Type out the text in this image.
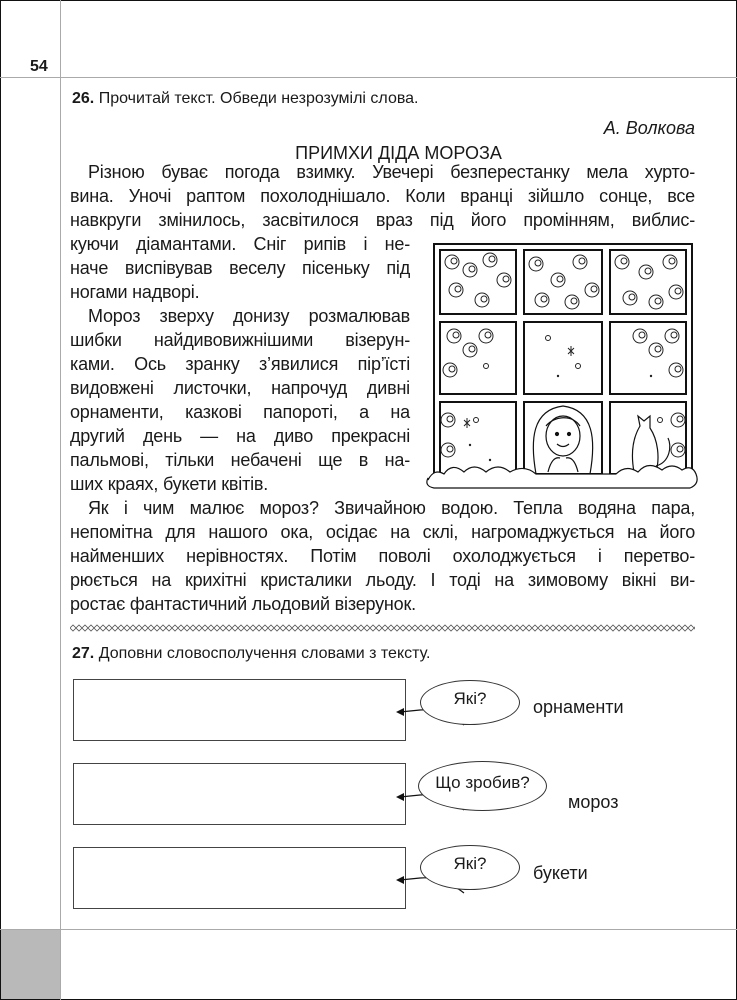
54
26. Прочитай текст. Обведи незрозумілі слова.
А. Волкова
ПРИМХИ ДІДА МОРОЗА
Різною буває погода взимку. Увечері безперестанку мела хурто-
вина. Уночі раптом похолоднішало. Коли вранці зійшло сонце, все
навкруги змінилось, засвітилося враз під його промінням, виблис-
куючи діамантами. Сніг рипів і не-
наче виспівував веселу пісеньку під
ногами надворі.
Мороз зверху донизу розмалював
шибки найдивовижнішими візерун-
ками. Ось зранку з’явилися пір’їсті
видовжені листочки, напрочуд дивні
орнаменти, казкові папороті, а на
другий день — на диво прекрасні
пальмові, тільки небачені ще в на-
ших краях, букети квітів.
Як і чим малює мороз? Звичайною водою. Тепла водяна пара,
непомітна для нашого ока, осідає на склі, нагромаджується на його
найменших нерівностях. Потім поволі охолоджується і перетво-
рюється на крихітні кристалики льоду. І тоді на зимовому вікні ви-
ростає фантастичний льодовий візерунок.
27. Доповни словосполучення словами з тексту.
Які?	орнаменти
Що зробив?
мороз
Які?	букети
